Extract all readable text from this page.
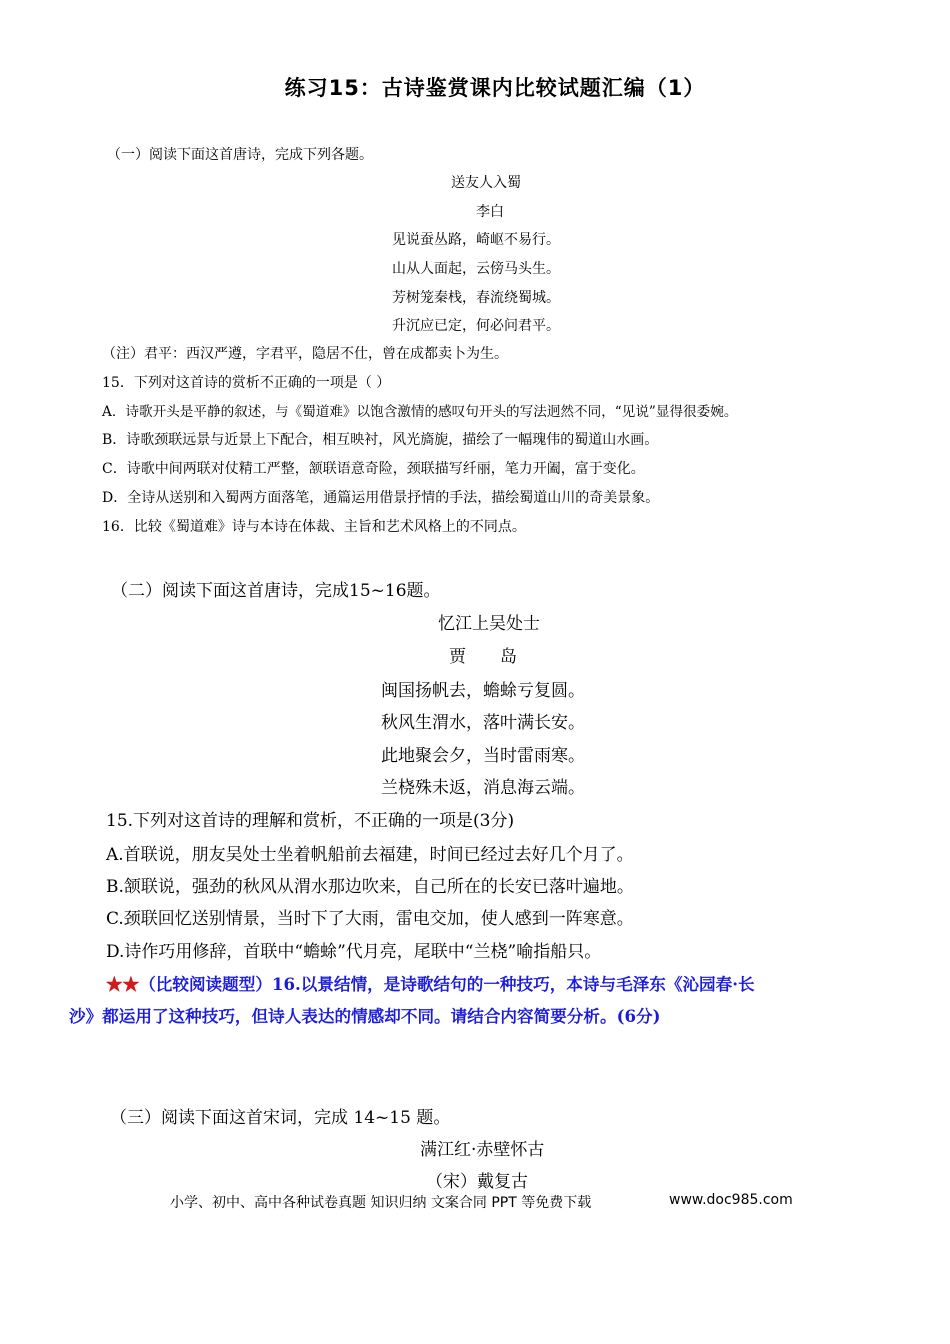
练习15：古诗鉴赏课内比较试题汇编（1）
（一）阅读下面这首唐诗，完成下列各题。
送友人入蜀
李白
见说蚕丛路，崎岖不易行。
山从人面起，云傍马头生。
芳树笼秦栈，春流绕蜀城。
升沉应已定，何必问君平。
（注）君平：西汉严遵，字君平，隐居不仕，曾在成都卖卜为生。
15．下列对这首诗的赏析不正确的一项是（ ）
A．诗歌开头是平静的叙述，与《蜀道难》以饱含激情的感叹句开头的写法迥然不同，“见说”显得很委婉。
B．诗歌颈联远景与近景上下配合，相互映衬，风光旖旎，描绘了一幅瑰伟的蜀道山水画。
C．诗歌中间两联对仗精工严整，颔联语意奇险，颈联描写纤丽，笔力开阖，富于变化。
D．全诗从送别和入蜀两方面落笔，通篇运用借景抒情的手法，描绘蜀道山川的奇美景象。
16．比较《蜀道难》诗与本诗在体裁、主旨和艺术风格上的不同点。
（二）阅读下面这首唐诗，完成15~16题。
忆江上吴处士
贾　　岛
闽国扬帆去，蟾蜍亏复圆。
秋风生渭水，落叶满长安。
此地聚会夕，当时雷雨寒。
兰桡殊未返，消息海云端。
15.下列对这首诗的理解和赏析，不正确的一项是(3分)
A.首联说，朋友吴处士坐着帆船前去福建，时间已经过去好几个月了。
B.颔联说，强劲的秋风从渭水那边吹来，自己所在的长安已落叶遍地。
C.颈联回忆送别情景，当时下了大雨，雷电交加，使人感到一阵寒意。
D.诗作巧用修辞，首联中“蟾蜍”代月亮，尾联中“兰桡”喻指船只。
★★（比较阅读题型）16.以景结情，是诗歌结句的一种技巧，本诗与毛泽东《沁园春·长
沙》都运用了这种技巧，但诗人表达的情感却不同。请结合内容简要分析。(6分)
（三）阅读下面这首宋词，完成 14~15 题。
满江红·赤壁怀古
（宋）戴复古
小学、初中、高中各种试卷真题 知识归纳 文案合同 PPT 等免费下载	www.doc985.com
